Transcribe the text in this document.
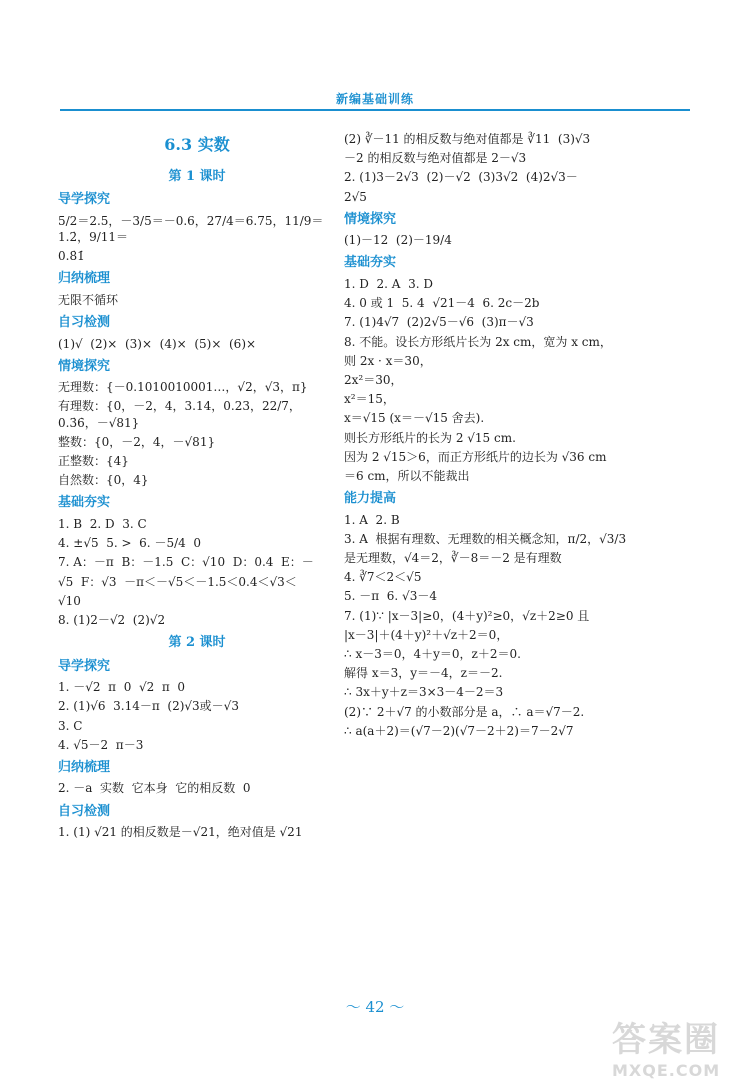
新编基础训练
6.3 实数
第 1 课时
导学探究
5/2＝2.5，－3/5＝－0.6，27/4＝6.75，11/9＝1.2̇，9/11＝
0.8̇1̇
归纳梳理
无限不循环
自习检测
(1)√  (2)×  (3)×  (4)×  (5)×  (6)×
情境探究
无理数：{－0.1010010001…，√2，√3，π}
有理数：{0，－2，4，3.14，0.23，22/7，0.3̇6̇，－√81}
整数：{0，－2，4，－√81}
正整数：{4}
自然数：{0，4}
基础夯实
1. B  2. D  3. C
4. ±√5  5. >  6. －5/4  0
7. A：－π  B：－1.5  C：√10  D：0.4  E：－
√5  F：√3  －π＜－√5＜－1.5＜0.4＜√3＜
√10
8. (1)2－√2  (2)√2
第 2 课时
导学探究
1. －√2  π  0  √2  π  0
2. (1)√6  3.14－π  (2)√3或－√3
3. C
4. √5－2  π－3
归纳梳理
2. －a  实数  它本身  它的相反数  0
自习检测
1. (1) √21 的相反数是－√21，绝对值是 √21
(2) ∛－11 的相反数与绝对值都是 ∛11  (3)√3
－2 的相反数与绝对值都是 2－√3
2. (1)3－2√3  (2)－√2  (3)3√2  (4)2√3－
2√5
情境探究
(1)－12  (2)－19/4
基础夯实
1. D  2. A  3. D
4. 0 或 1  5. 4  √21－4  6. 2c－2b
7. (1)4√7  (2)2√5－√6  (3)π－√3
8. 不能。设长方形纸片长为 2x cm，宽为 x cm，
则 2x · x＝30，
2x²＝30，
x²＝15，
x＝√15 (x＝－√15 舍去).
则长方形纸片的长为 2 √15 cm.
因为 2 √15＞6，而正方形纸片的边长为 √36 cm
＝6 cm，所以不能裁出
能力提高
1. A  2. B
3. A  根据有理数、无理数的相关概念知，π/2，√3/3
是无理数，√4＝2，∛－8＝－2 是有理数
4. ∛7＜2＜√5
5. －π  6. √3－4
7. (1)∵ |x－3|≥0，(4＋y)²≥0，√z＋2≥0 且
|x－3|＋(4＋y)²＋√z＋2＝0，
∴ x－3＝0，4＋y＝0，z＋2＝0.
解得 x＝3，y＝－4，z＝－2.
∴ 3x＋y＋z＝3×3－4－2＝3
(2)∵ 2＋√7 的小数部分是 a，∴ a＝√7－2.
∴ a(a＋2)＝(√7－2)(√7－2＋2)＝7－2√7
～ 42 ～
答案圈
MXQE.COM
